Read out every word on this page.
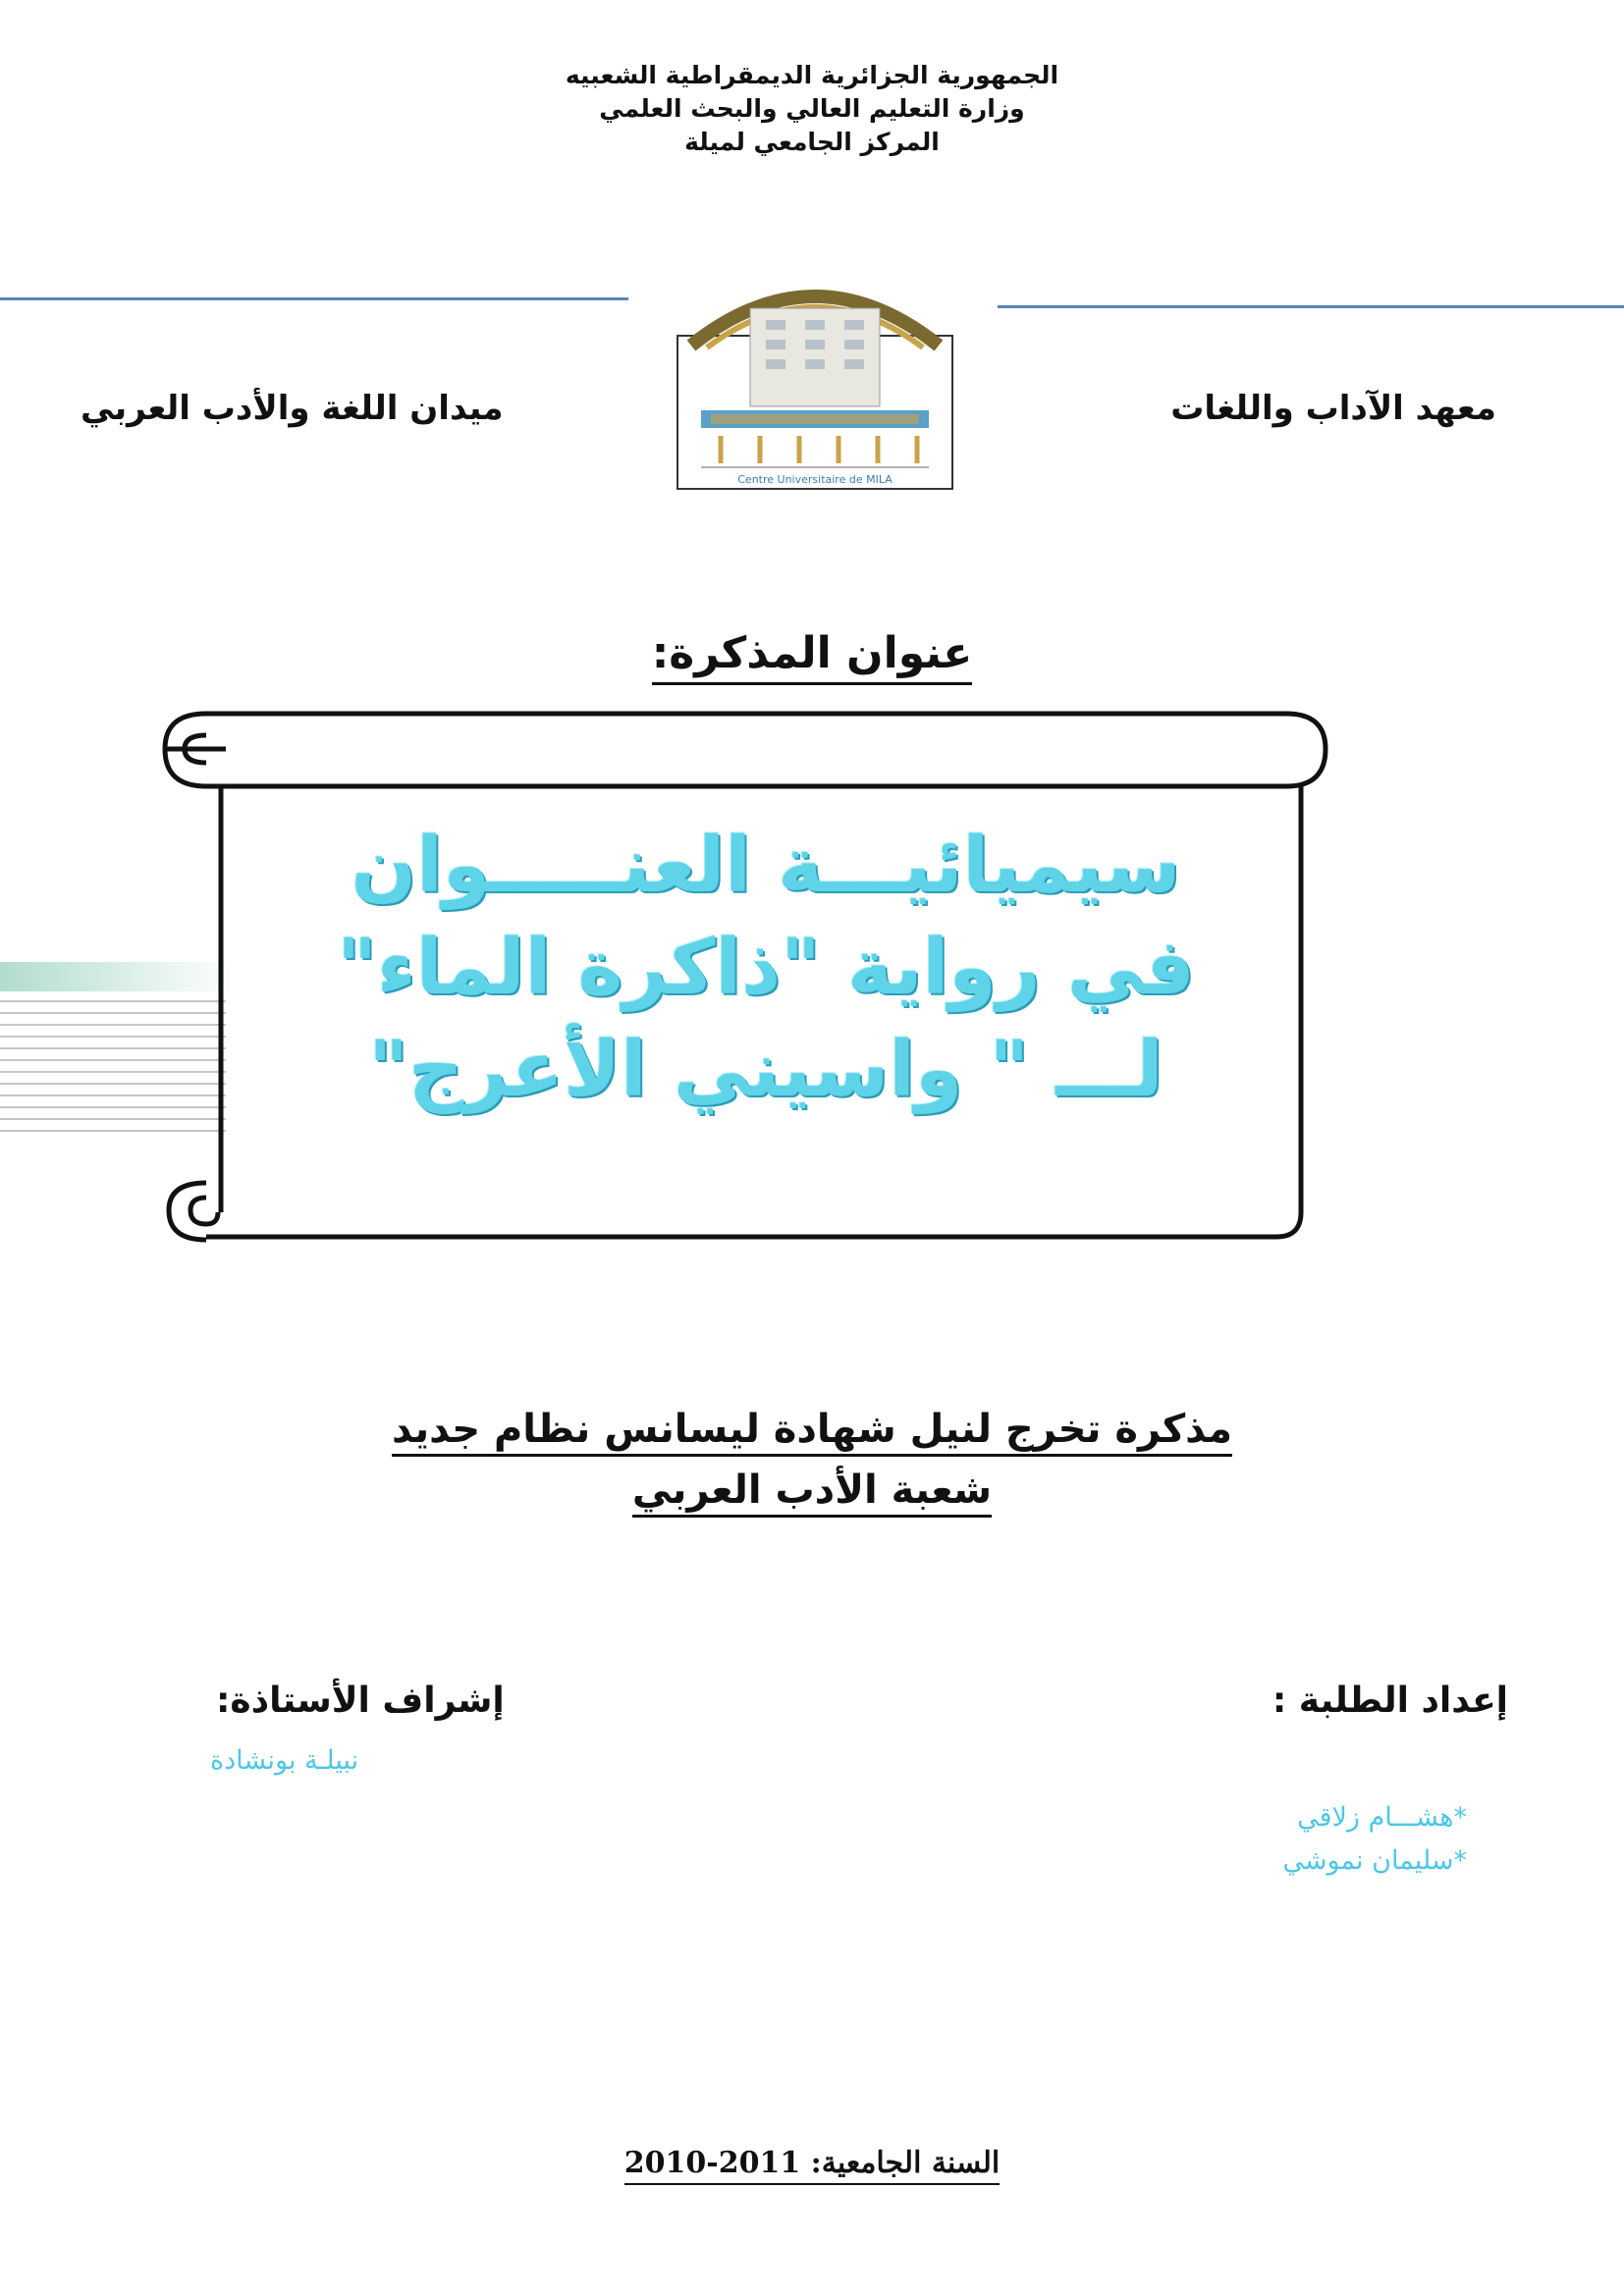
الجمهورية الجزائرية الديمقراطية الشعبيه
وزارة التعليم العالي والبحث العلمي
المركز الجامعي لميلة
Centre Universitaire de MILA
معهد الآداب واللغات
ميدان اللغة والأدب العربي
عنوان المذكرة:
سيميائيـــة العنـــــوان
في رواية "ذاكرة الماء"
لـــ " واسيني الأعرج"
مذكرة تخرج لنيل شهادة ليسانس نظام جديد
شعبة الأدب العربي
إعداد الطلبة :
*هشـــام زلاقي
*سليمان نموشي
إشراف الأستاذة:
نبيلـة بونشادة
السنة الجامعية: 2011-2010
